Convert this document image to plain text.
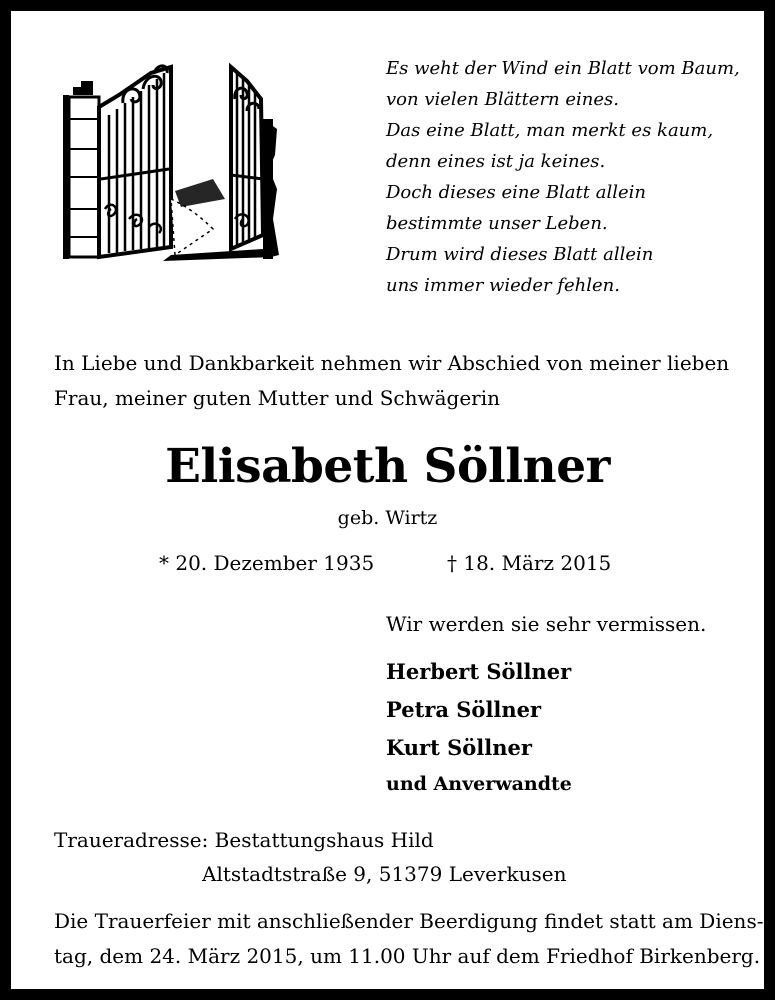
Es weht der Wind ein Blatt vom Baum,
von vielen Blättern eines.
Das eine Blatt, man merkt es kaum,
denn eines ist ja keines.
Doch dieses eine Blatt allein
bestimmte unser Leben.
Drum wird dieses Blatt allein
uns immer wieder fehlen.
In Liebe und Dankbarkeit nehmen wir Abschied von meiner lieben
Frau, meiner guten Mutter und Schwägerin
Elisabeth Söllner
geb. Wirtz
* 20. Dezember 1935	† 18. März 2015
Wir werden sie sehr vermissen.
Herbert Söllner
Petra Söllner
Kurt Söllner
und Anverwandte
Traueradresse: Bestattungshaus Hild
Altstadtstraße 9, 51379 Leverkusen
Die Trauerfeier mit anschließender Beerdigung findet statt am Diens-
tag, dem 24. März 2015, um 11.00 Uhr auf dem Friedhof Birkenberg.
